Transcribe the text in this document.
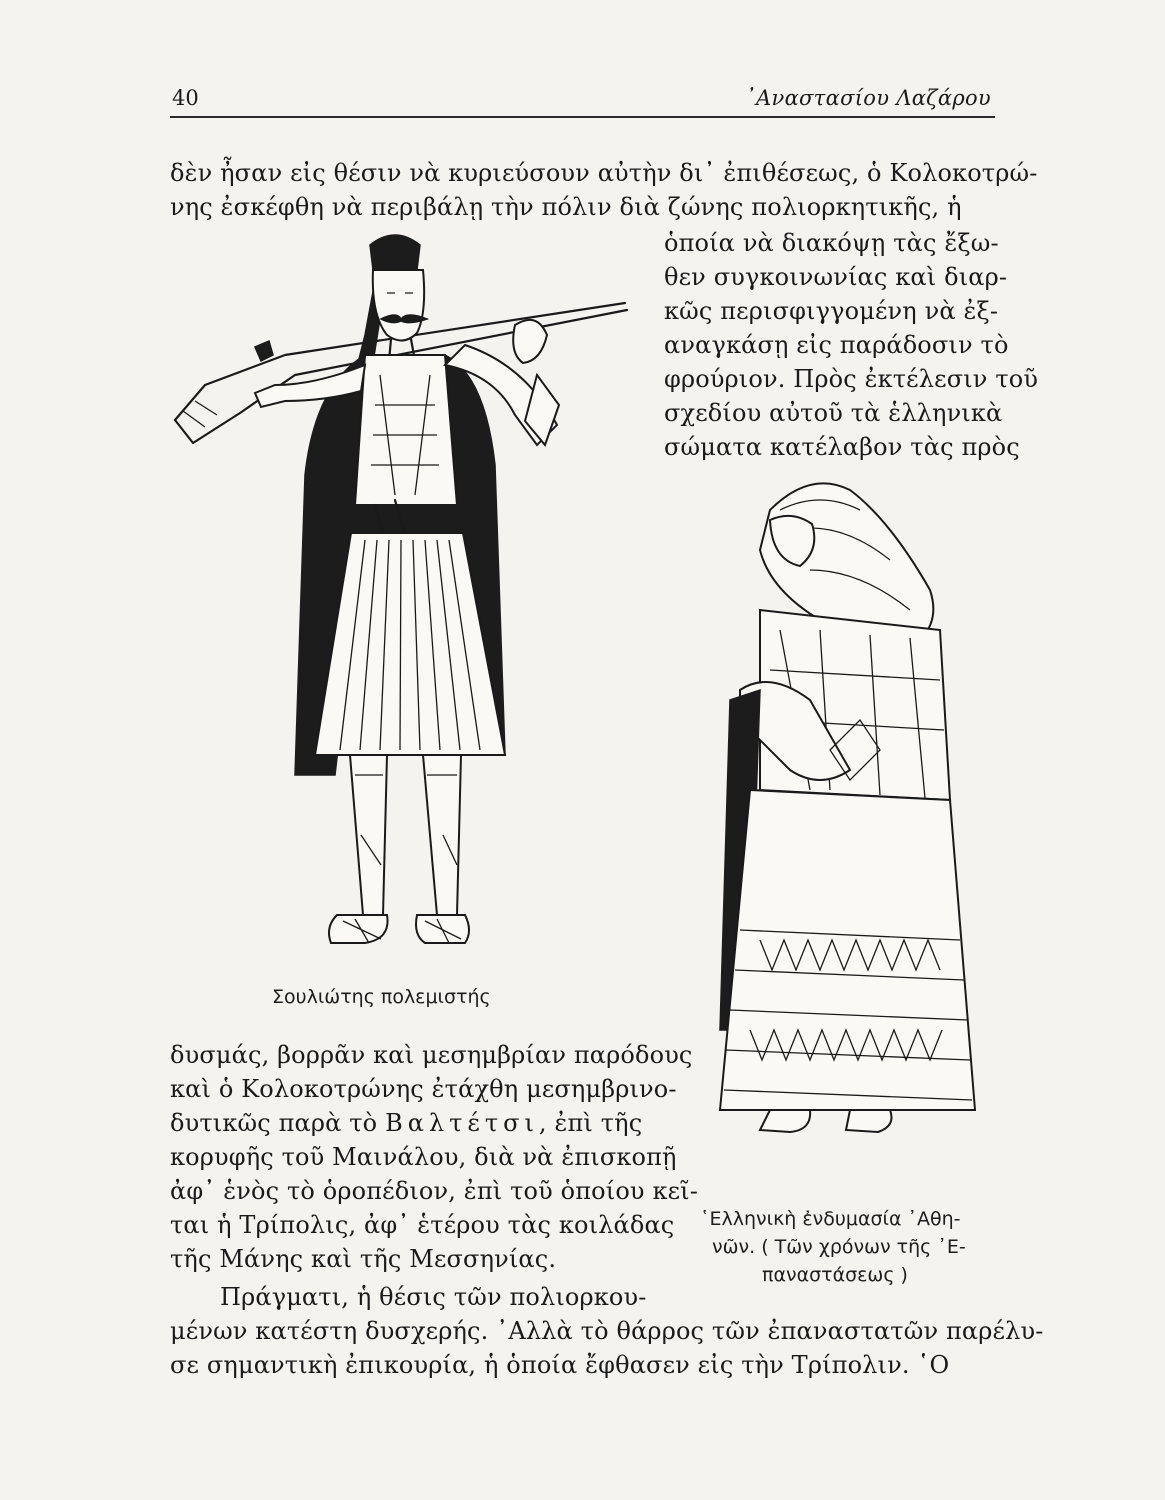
40	᾿Αναστασίου Λαζάρου
δὲν ἦσαν εἰς θέσιν νὰ κυριεύσουν αὐτὴν δι᾿ ἐπιθέσεως, ὁ Κολοκοτρώ-
νης ἐσκέφθη νὰ περιβάλῃ τὴν πόλιν διὰ ζώνης πολιορκητικῆς, ἡ
ὁποία νὰ διακόψῃ τὰς ἔξω-
θεν συγκοινωνίας καὶ διαρ-
κῶς περισφιγγομένη νὰ ἐξ-
αναγκάσῃ εἰς παράδοσιν τὸ
φρούριον. Πρὸς ἐκτέλεσιν τοῦ
σχεδίου αὐτοῦ τὰ ἑλληνικὰ
σώματα κατέλαβον τὰς πρὸς
Σουλιώτης πολεμιστής
δυσμάς, βορρᾶν καὶ μεσημβρίαν παρόδους
καὶ ὁ Κολοκοτρώνης ἐτάχθη μεσημβρινο-
δυτικῶς παρὰ τὸ Βαλτέτσι, ἐπὶ τῆς
κορυφῆς τοῦ Μαινάλου, διὰ νὰ ἐπισκοπῇ
ἀφ᾿ ἑνὸς τὸ ὁροπέδιον, ἐπὶ τοῦ ὁποίου κεῖ-
ται ἡ Τρίπολις, ἀφ᾿ ἑτέρου τὰς κοιλάδας
τῆς Μάνης καὶ τῆς Μεσσηνίας.
῾Ελληνικὴ ἐνδυμασία ᾿Αθη-
νῶν. ( Τῶν χρόνων τῆς ᾿Ε-
παναστάσεως )
Πράγματι, ἡ θέσις τῶν πολιορκου-
μένων κατέστη δυσχερής. ᾿Αλλὰ τὸ θάρρος τῶν ἐπαναστατῶν παρέλυ-
σε σημαντικὴ ἐπικουρία, ἡ ὁποία ἔφθασεν εἰς τὴν Τρίπολιν. ῾Ο
